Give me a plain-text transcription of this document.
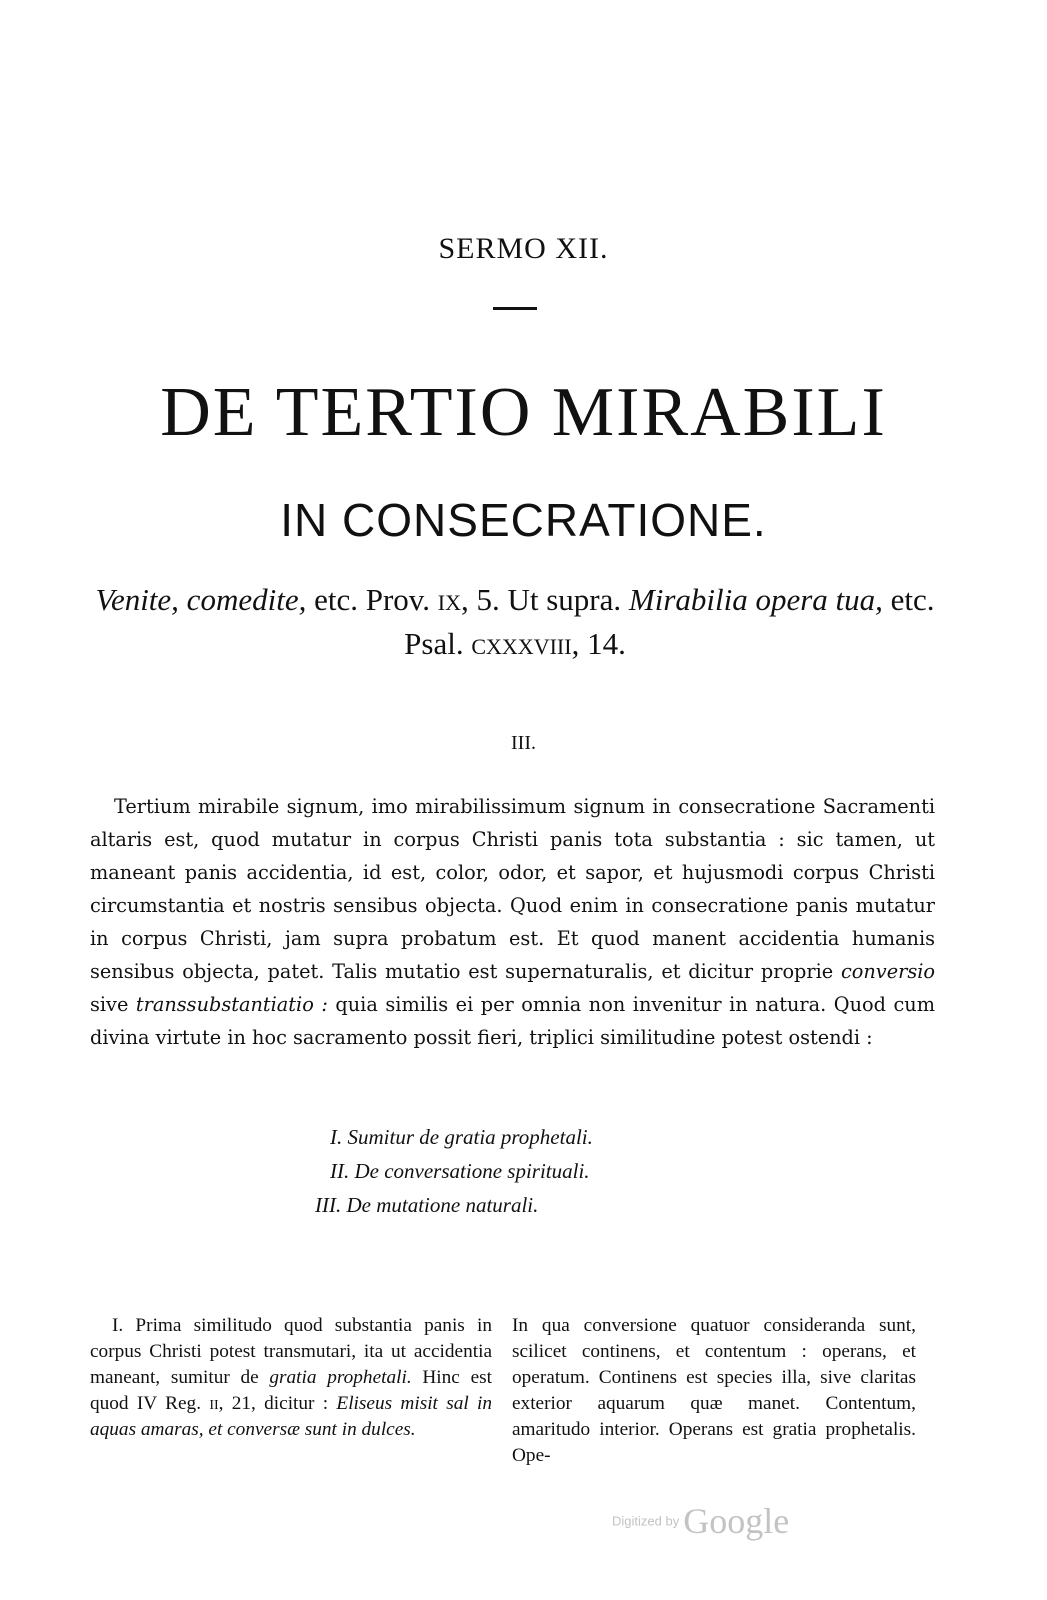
SERMO XII.
DE TERTIO MIRABILI
IN CONSECRATIONE.
Venite, comedite, etc. Prov. ix, 5. Ut supra. Mirabilia opera tua, etc. Psal. cxxxviii, 14.
III.

Tertium mirabile signum, imo mirabilissimum signum in consecratione Sacramenti altaris est, quod mutatur in corpus Christi panis tota substantia : sic tamen, ut maneant panis accidentia, id est, color, odor, et sapor, et hujusmodi corpus Christi circumstantia et nostris sensibus objecta. Quod enim in consecratione panis mutatur in corpus Christi, jam supra probatum est. Et quod manent accidentia humanis sensibus objecta, patet. Talis mutatio est supernaturalis, et dicitur proprie conversio sive transsubstantiatio : quia similis ei per omnia non invenitur in natura. Quod cum divina virtute in hoc sacramento possit fieri, triplici similitudine potest ostendi :

I. Sumitur de gratia prophetali.
II. De conversatione spirituali.
III. De mutatione naturali.

I. Prima similitudo quod substantia panis in corpus Christi potest transmutari, ita ut accidentia maneant, sumitur de gratia prophetali. Hinc est quod IV Reg. ii, 21, dicitur : Eliseus misit sal in aquas amaras, et conversæ sunt in dulces.

In qua conversione quatuor consideranda sunt, scilicet continens, et contentum : operans, et operatum. Continens est species illa, sive claritas exterior aquarum quæ manet. Contentum, amaritudo interior. Operans est gratia prophetalis. Ope-

Digitized by Google
